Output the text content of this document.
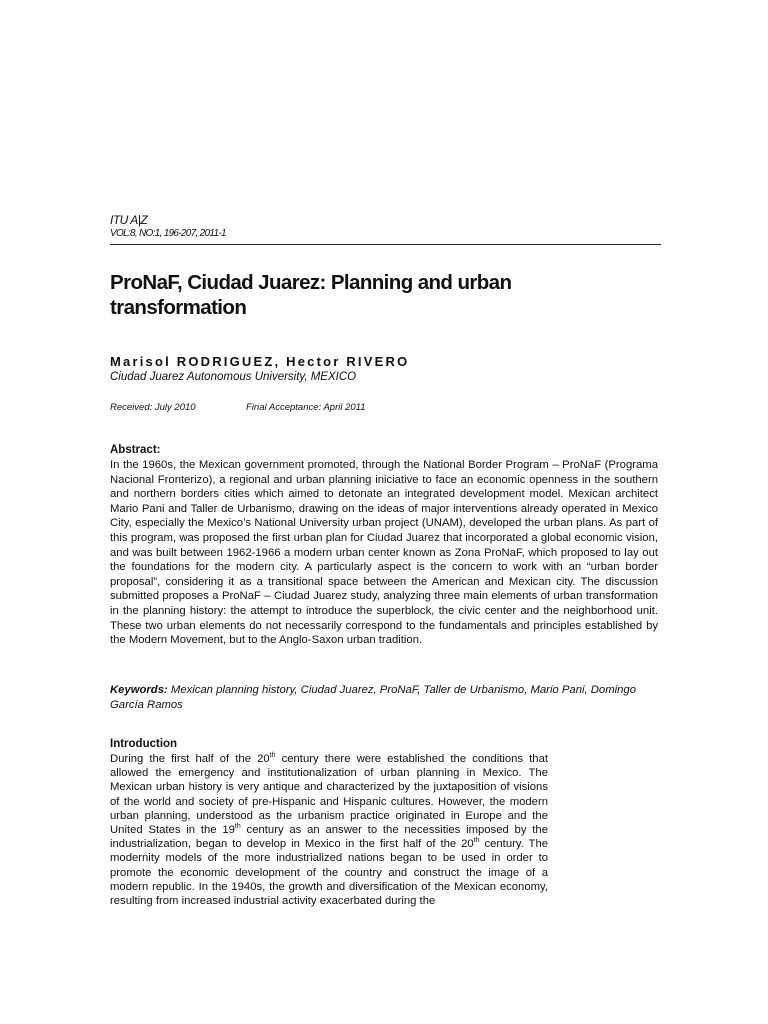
ITU A|Z
VOL:8, NO:1, 196-207, 2011-1
ProNaF, Ciudad Juarez: Planning and urban transformation
Marisol RODRIGUEZ, Hector RIVERO
Ciudad Juarez Autonomous University, MEXICO
Received: July 2010	Final Acceptance: April 2011
Abstract:

In the 1960s, the Mexican government promoted, through the National Border Program – ProNaF (Programa Nacional Fronterizo), a regional and urban planning iniciative to face an economic openness in the southern and northern borders cities which aimed to detonate an integrated development model. Mexican architect Mario Pani and Taller de Urbanismo, drawing on the ideas of major interventions already operated in Mexico City, especially the Mexico’s National University urban project (UNAM), developed the urban plans. As part of this program, was proposed the first urban plan for Ciudad Juarez that incorporated a global economic vision, and was built between 1962-1966 a modern urban center known as Zona ProNaF, which proposed to lay out the foundations for the modern city. A particularly aspect is the concern to work with an “urban border proposal”, considering it as a transitional space between the American and Mexican city. The discussion submitted proposes a ProNaF – Ciudad Juarez study, analyzing three main elements of urban transformation in the planning history: the attempt to introduce the superblock, the civic center and the neighborhood unit. These two urban elements do not necessarily correspond to the fundamentals and principles established by the Modern Movement, but to the Anglo-Saxon urban tradition.

Keywords: Mexican planning history, Ciudad Juarez, ProNaF, Taller de Urbanismo, Mario Pani, Domingo García Ramos

Introduction

During the first half of the 20th century there were established the conditions that allowed the emergency and institutionalization of urban planning in Mexico. The Mexican urban history is very antique and characterized by the juxtaposition of visions of the world and society of pre-Hispanic and Hispanic cultures. However, the modern urban planning, understood as the urbanism practice originated in Europe and the United States in the 19th century as an answer to the necessities imposed by the industrialization, began to develop in Mexico in the first half of the 20th century. The modernity models of the more industrialized nations began to be used in order to promote the economic development of the country and construct the image of a modern republic. In the 1940s, the growth and diversification of the Mexican economy, resulting from increased industrial activity exacerbated during the
